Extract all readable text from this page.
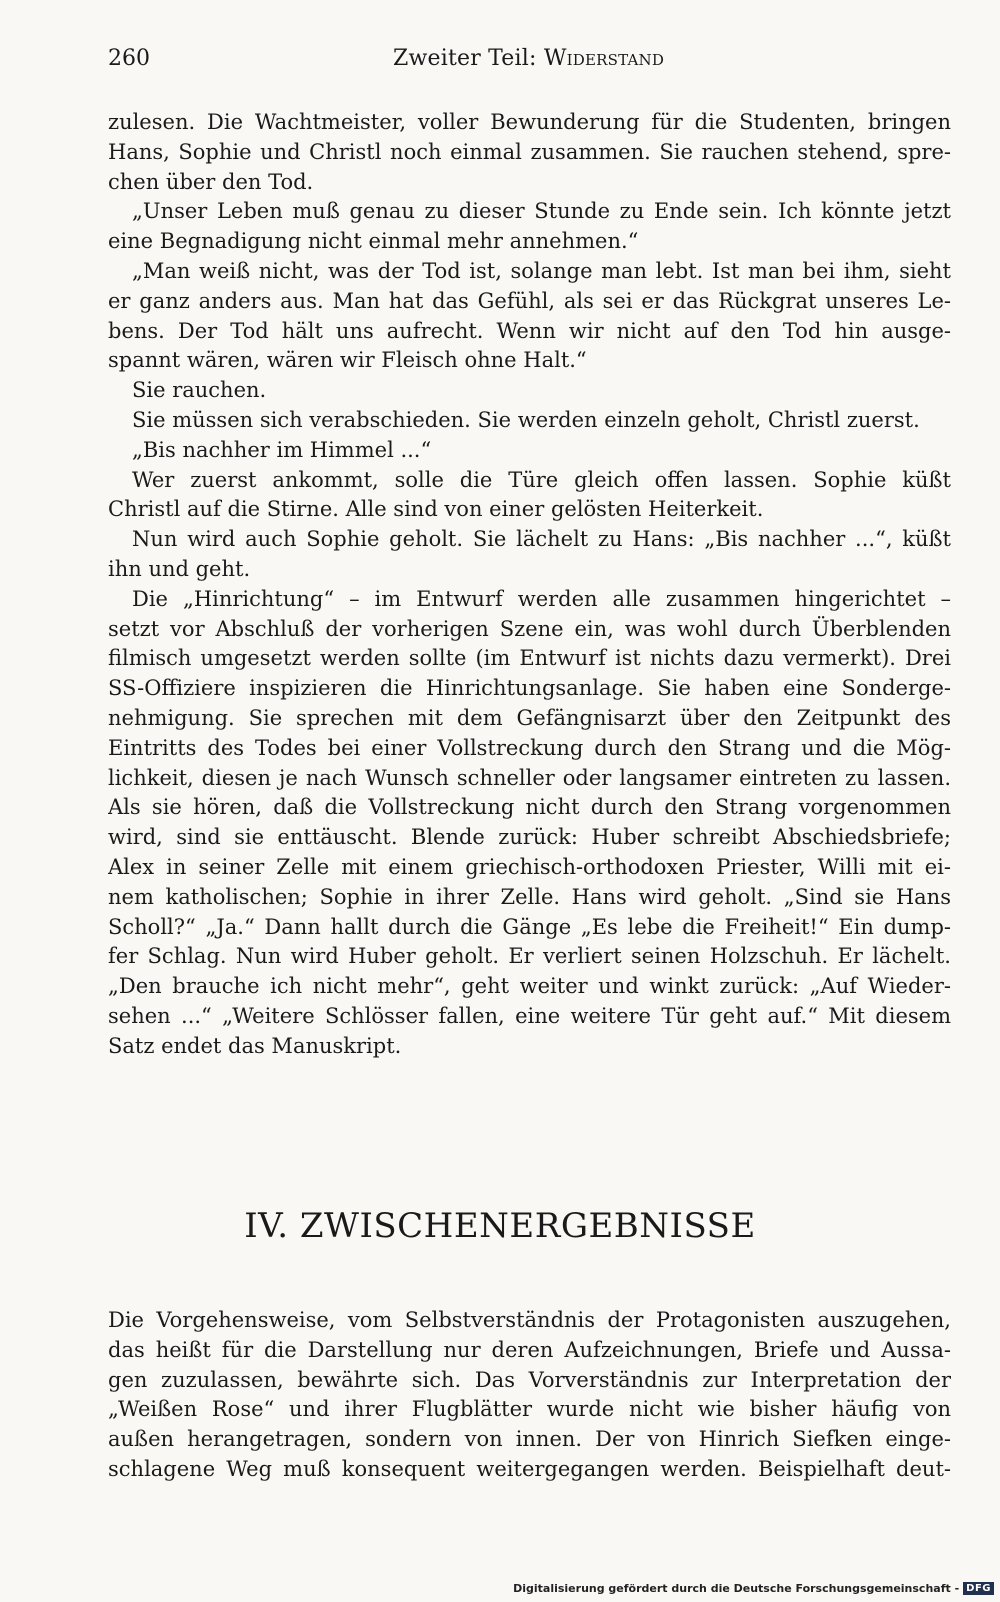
260	Zweiter Teil: Widerstand
zulesen. Die Wachtmeister, voller Bewunderung für die Studenten, bringen
Hans, Sophie und Christl noch einmal zusammen. Sie rauchen stehend, spre-
chen über den Tod.
„Unser Leben muß genau zu dieser Stunde zu Ende sein. Ich könnte jetzt
eine Begnadigung nicht einmal mehr annehmen.“
„Man weiß nicht, was der Tod ist, solange man lebt. Ist man bei ihm, sieht
er ganz anders aus. Man hat das Gefühl, als sei er das Rückgrat unseres Le-
bens. Der Tod hält uns aufrecht. Wenn wir nicht auf den Tod hin ausge-
spannt wären, wären wir Fleisch ohne Halt.“
Sie rauchen.
Sie müssen sich verabschieden. Sie werden einzeln geholt, Christl zuerst.
„Bis nachher im Himmel ...“
Wer zuerst ankommt, solle die Türe gleich offen lassen. Sophie küßt
Christl auf die Stirne. Alle sind von einer gelösten Heiterkeit.
Nun wird auch Sophie geholt. Sie lächelt zu Hans: „Bis nachher ...“, küßt
ihn und geht.
Die „Hinrichtung“ – im Entwurf werden alle zusammen hingerichtet –
setzt vor Abschluß der vorherigen Szene ein, was wohl durch Überblenden
filmisch umgesetzt werden sollte (im Entwurf ist nichts dazu vermerkt). Drei
SS-Offiziere inspizieren die Hinrichtungsanlage. Sie haben eine Sonderge-
nehmigung. Sie sprechen mit dem Gefängnisarzt über den Zeitpunkt des
Eintritts des Todes bei einer Vollstreckung durch den Strang und die Mög-
lichkeit, diesen je nach Wunsch schneller oder langsamer eintreten zu lassen.
Als sie hören, daß die Vollstreckung nicht durch den Strang vorgenommen
wird, sind sie enttäuscht. Blende zurück: Huber schreibt Abschiedsbriefe;
Alex in seiner Zelle mit einem griechisch-orthodoxen Priester, Willi mit ei-
nem katholischen; Sophie in ihrer Zelle. Hans wird geholt. „Sind sie Hans
Scholl?“ „Ja.“ Dann hallt durch die Gänge „Es lebe die Freiheit!“ Ein dump-
fer Schlag. Nun wird Huber geholt. Er verliert seinen Holzschuh. Er lächelt.
„Den brauche ich nicht mehr“, geht weiter und winkt zurück: „Auf Wieder-
sehen ...“ „Weitere Schlösser fallen, eine weitere Tür geht auf.“ Mit diesem
Satz endet das Manuskript.
IV. ZWISCHENERGEBNISSE
Die Vorgehensweise, vom Selbstverständnis der Protagonisten auszugehen,
das heißt für die Darstellung nur deren Aufzeichnungen, Briefe und Aussa-
gen zuzulassen, bewährte sich. Das Vorverständnis zur Interpretation der
„Weißen Rose“ und ihrer Flugblätter wurde nicht wie bisher häufig von
außen herangetragen, sondern von innen. Der von Hinrich Siefken einge-
schlagene Weg muß konsequent weitergegangen werden. Beispielhaft deut-
Digitalisierung gefördert durch die Deutsche Forschungsgemeinschaft - DFG
